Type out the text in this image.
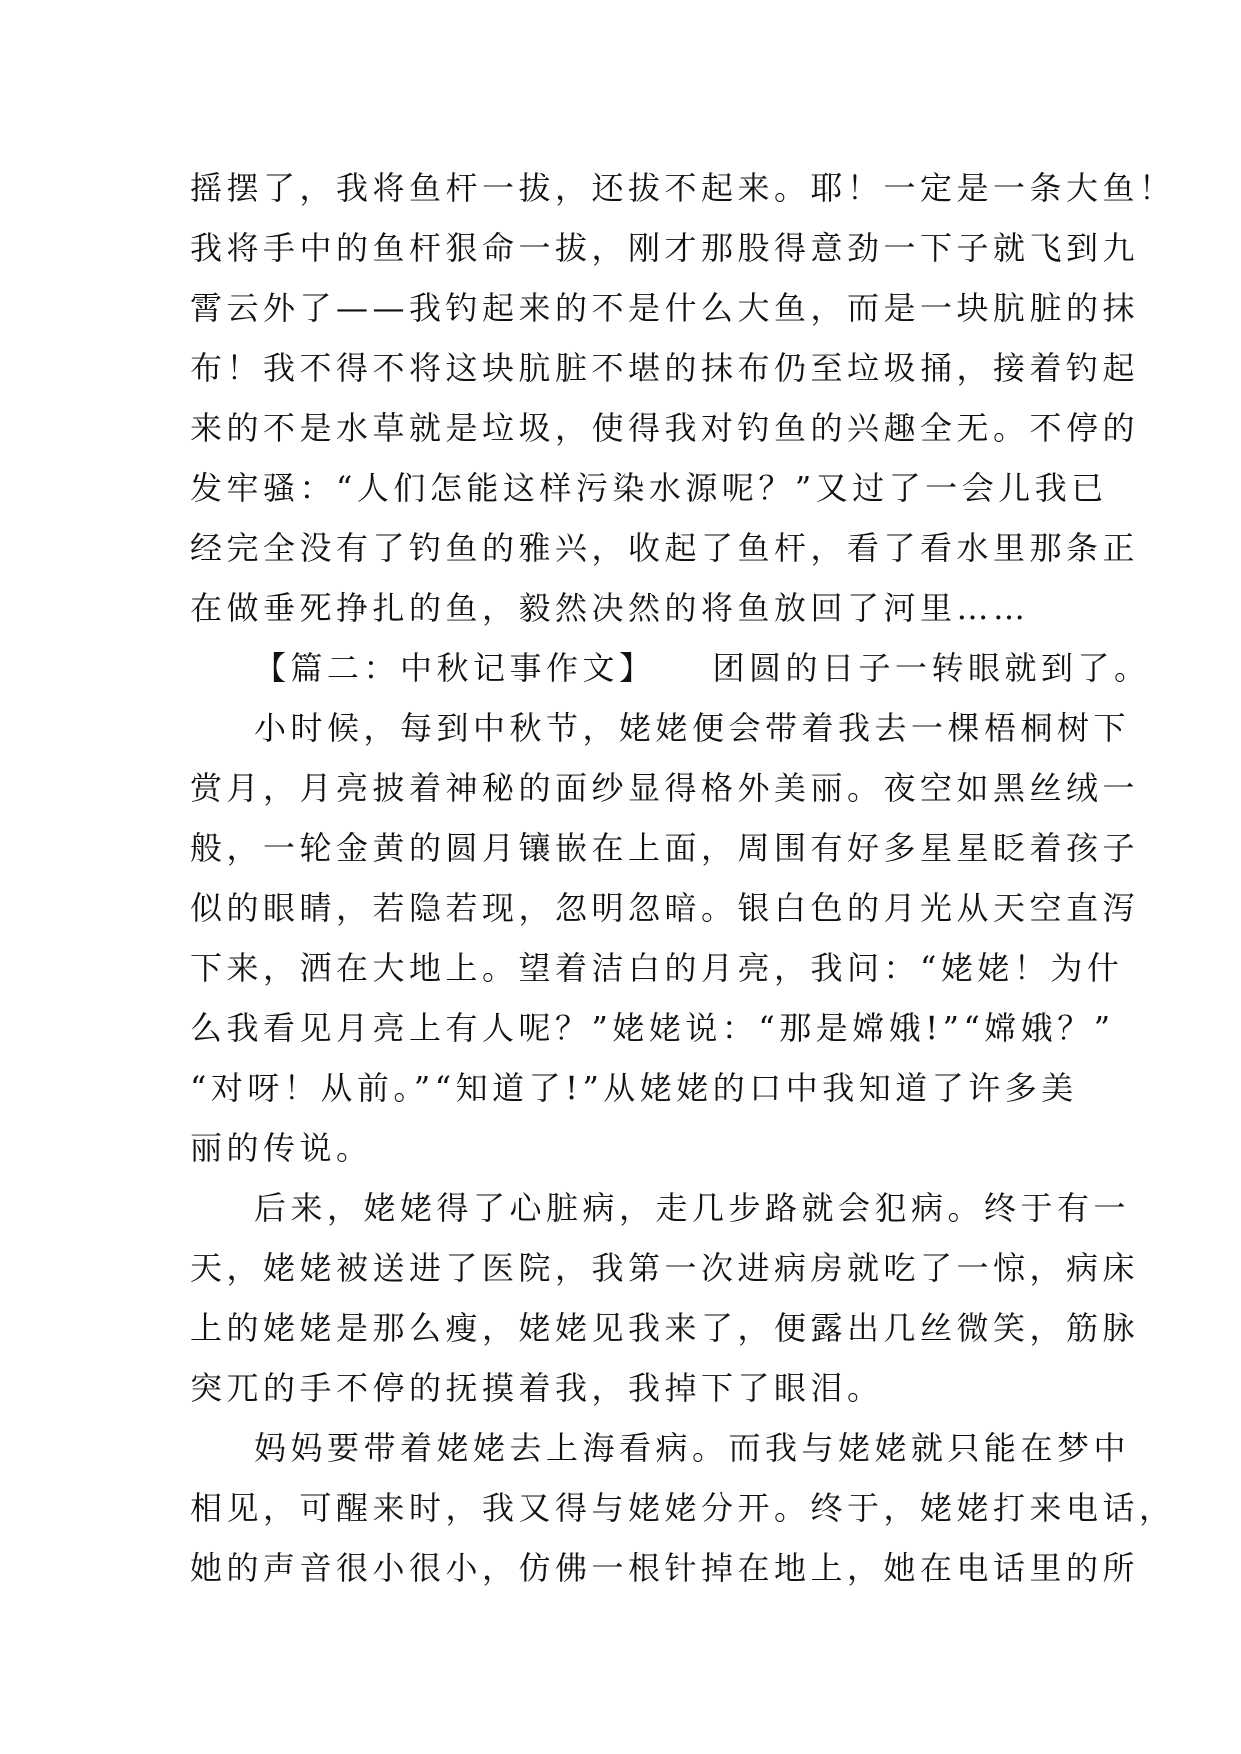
摇摆了，我将鱼杆一拔，还拔不起来。耶！一定是一条大鱼！
我将手中的鱼杆狠命一拔，刚才那股得意劲一下子就飞到九
霄云外了——我钓起来的不是什么大鱼，而是一块肮脏的抹
布！我不得不将这块肮脏不堪的抹布仍至垃圾捅，接着钓起
来的不是水草就是垃圾，使得我对钓鱼的兴趣全无。不停的
发牢骚：“人们怎能这样污染水源呢？”又过了一会儿我已
经完全没有了钓鱼的雅兴，收起了鱼杆，看了看水里那条正
在做垂死挣扎的鱼，毅然决然的将鱼放回了河里……
【篇二：中秋记事作文】　　团圆的日子一转眼就到了。
小时候，每到中秋节，姥姥便会带着我去一棵梧桐树下
赏月，月亮披着神秘的面纱显得格外美丽。夜空如黑丝绒一
般，一轮金黄的圆月镶嵌在上面，周围有好多星星眨着孩子
似的眼睛，若隐若现，忽明忽暗。银白色的月光从天空直泻
下来，洒在大地上。望着洁白的月亮，我问：“姥姥！为什
么我看见月亮上有人呢？”姥姥说：“那是嫦娥!”“嫦娥？”
“对呀！从前。”“知道了!”从姥姥的口中我知道了许多美
丽的传说。
后来，姥姥得了心脏病，走几步路就会犯病。终于有一
天，姥姥被送进了医院，我第一次进病房就吃了一惊，病床
上的姥姥是那么瘦，姥姥见我来了，便露出几丝微笑，筋脉
突兀的手不停的抚摸着我，我掉下了眼泪。
妈妈要带着姥姥去上海看病。而我与姥姥就只能在梦中
相见，可醒来时，我又得与姥姥分开。终于，姥姥打来电话，
她的声音很小很小，仿佛一根针掉在地上，她在电话里的所
